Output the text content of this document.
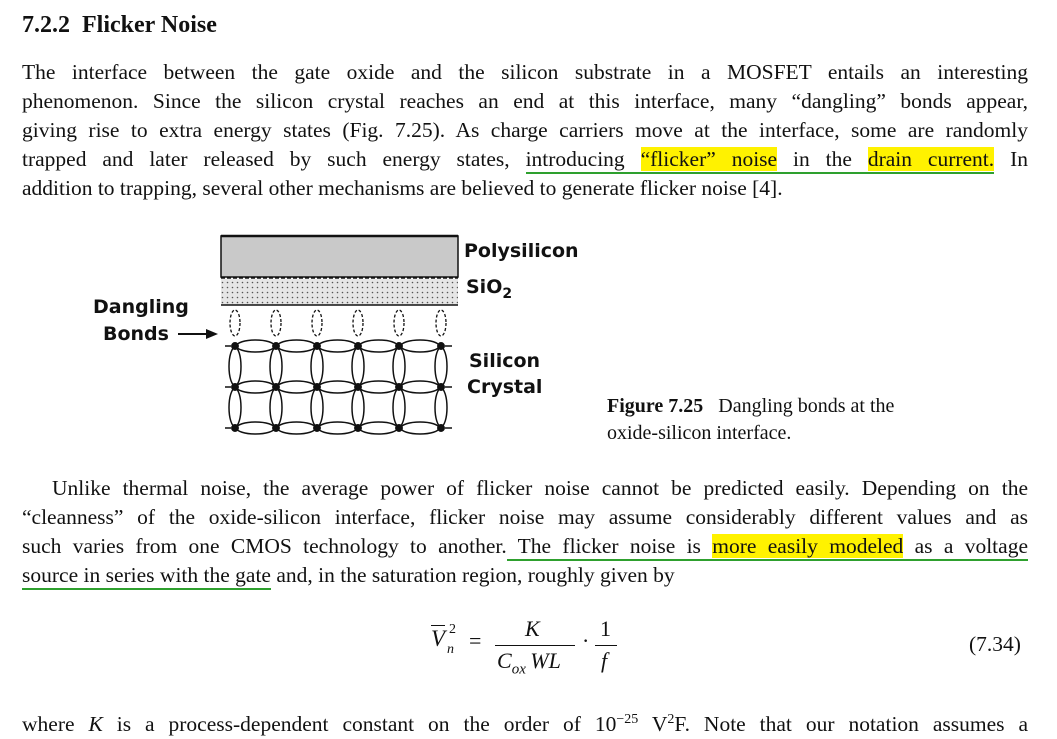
7.2.2 Flicker Noise
The interface between the gate oxide and the silicon substrate in a MOSFET entails an interesting
phenomenon. Since the silicon crystal reaches an end at this interface, many “dangling” bonds appear,
giving rise to extra energy states (Fig. 7.25). As charge carriers move at the interface, some are randomly
trapped and later released by such energy states, introducing “flicker” noise in the drain current. In
addition to trapping, several other mechanisms are believed to generate flicker noise [4].
Polysilicon
SiO$_2$
Dangling
Bonds
Silicon
Crystal
Figure 7.25 Dangling bonds at the
oxide-silicon interface.
Unlike thermal noise, the average power of flicker noise cannot be predicted easily. Depending on the
“cleanness” of the oxide-silicon interface, flicker noise may assume considerably different values and as
such varies from one CMOS technology to another. The flicker noise is more easily modeled as a voltage
source in series with the gate and, in the saturation region, roughly given by
V 2
n = K
$C_{ox}$  WL
· 1
f
(7.34)
where K is a process-dependent constant on the order of $10^{-25}$ $V^2F$. Note that our notation assumes a
